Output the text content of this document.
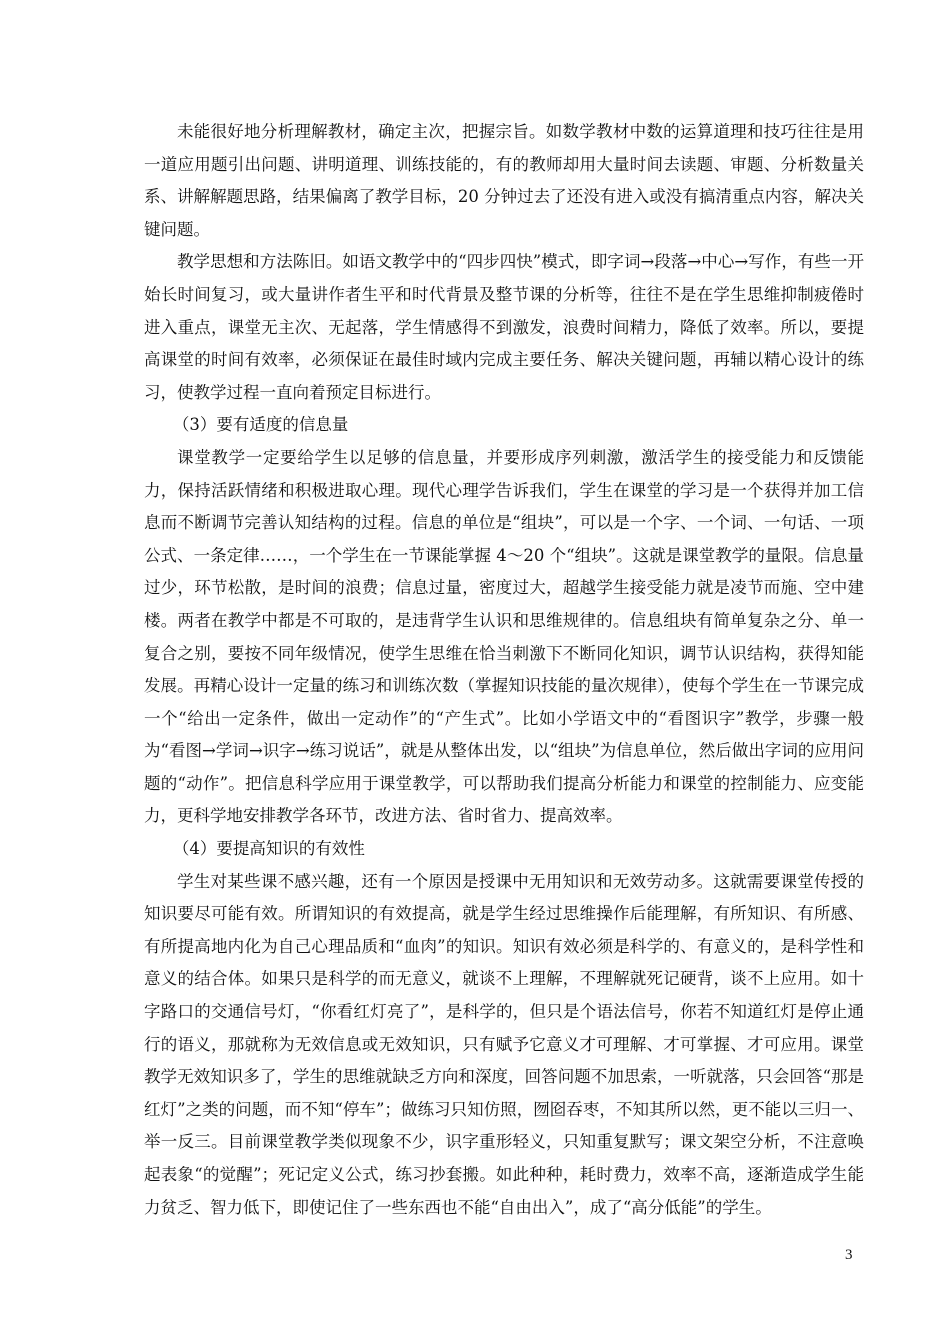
未能很好地分析理解教材，确定主次，把握宗旨。如数学教材中数的运算道理和技巧往往是用一道应用题引出问题、讲明道理、训练技能的，有的教师却用大量时间去读题、审题、分析数量关系、讲解解题思路，结果偏离了教学目标，20 分钟过去了还没有进入或没有搞清重点内容，解决关键问题。

教学思想和方法陈旧。如语文教学中的“四步四快”模式，即字词→段落→中心→写作，有些一开始长时间复习，或大量讲作者生平和时代背景及整节课的分析等，往往不是在学生思维抑制疲倦时进入重点，课堂无主次、无起落，学生情感得不到激发，浪费时间精力，降低了效率。所以，要提高课堂的时间有效率，必须保证在最佳时域内完成主要任务、解决关键问题，再辅以精心设计的练习，使教学过程一直向着预定目标进行。

（3）要有适度的信息量

课堂教学一定要给学生以足够的信息量，并要形成序列刺激，激活学生的接受能力和反馈能力，保持活跃情绪和积极进取心理。现代心理学告诉我们，学生在课堂的学习是一个获得并加工信息而不断调节完善认知结构的过程。信息的单位是“组块”，可以是一个字、一个词、一句话、一项公式、一条定律……，一个学生在一节课能掌握 4～20 个“组块”。这就是课堂教学的量限。信息量过少，环节松散，是时间的浪费；信息过量，密度过大，超越学生接受能力就是凌节而施、空中建楼。两者在教学中都是不可取的，是违背学生认识和思维规律的。信息组块有简单复杂之分、单一复合之别，要按不同年级情况，使学生思维在恰当刺激下不断同化知识，调节认识结构，获得知能发展。再精心设计一定量的练习和训练次数（掌握知识技能的量次规律），使每个学生在一节课完成一个“给出一定条件，做出一定动作”的“产生式”。比如小学语文中的“看图识字”教学，步骤一般为“看图→学词→识字→练习说话”，就是从整体出发，以“组块”为信息单位，然后做出字词的应用问题的“动作”。把信息科学应用于课堂教学，可以帮助我们提高分析能力和课堂的控制能力、应变能力，更科学地安排教学各环节，改进方法、省时省力、提高效率。

（4）要提高知识的有效性

学生对某些课不感兴趣，还有一个原因是授课中无用知识和无效劳动多。这就需要课堂传授的知识要尽可能有效。所谓知识的有效提高，就是学生经过思维操作后能理解，有所知识、有所感、有所提高地内化为自己心理品质和“血肉”的知识。知识有效必须是科学的、有意义的，是科学性和意义的结合体。如果只是科学的而无意义，就谈不上理解，不理解就死记硬背，谈不上应用。如十字路口的交通信号灯，“你看红灯亮了”，是科学的，但只是个语法信号，你若不知道红灯是停止通行的语义，那就称为无效信息或无效知识，只有赋予它意义才可理解、才可掌握、才可应用。课堂教学无效知识多了，学生的思维就缺乏方向和深度，回答问题不加思索，一听就落，只会回答“那是红灯”之类的问题，而不知“停车”；做练习只知仿照，囫囵吞枣，不知其所以然，更不能以三归一、举一反三。目前课堂教学类似现象不少，识字重形轻义，只知重复默写；课文架空分析，不注意唤起表象“的觉醒”；死记定义公式，练习抄套搬。如此种种，耗时费力，效率不高，逐渐造成学生能力贫乏、智力低下，即使记住了一些东西也不能“自由出入”，成了“高分低能”的学生。

3
